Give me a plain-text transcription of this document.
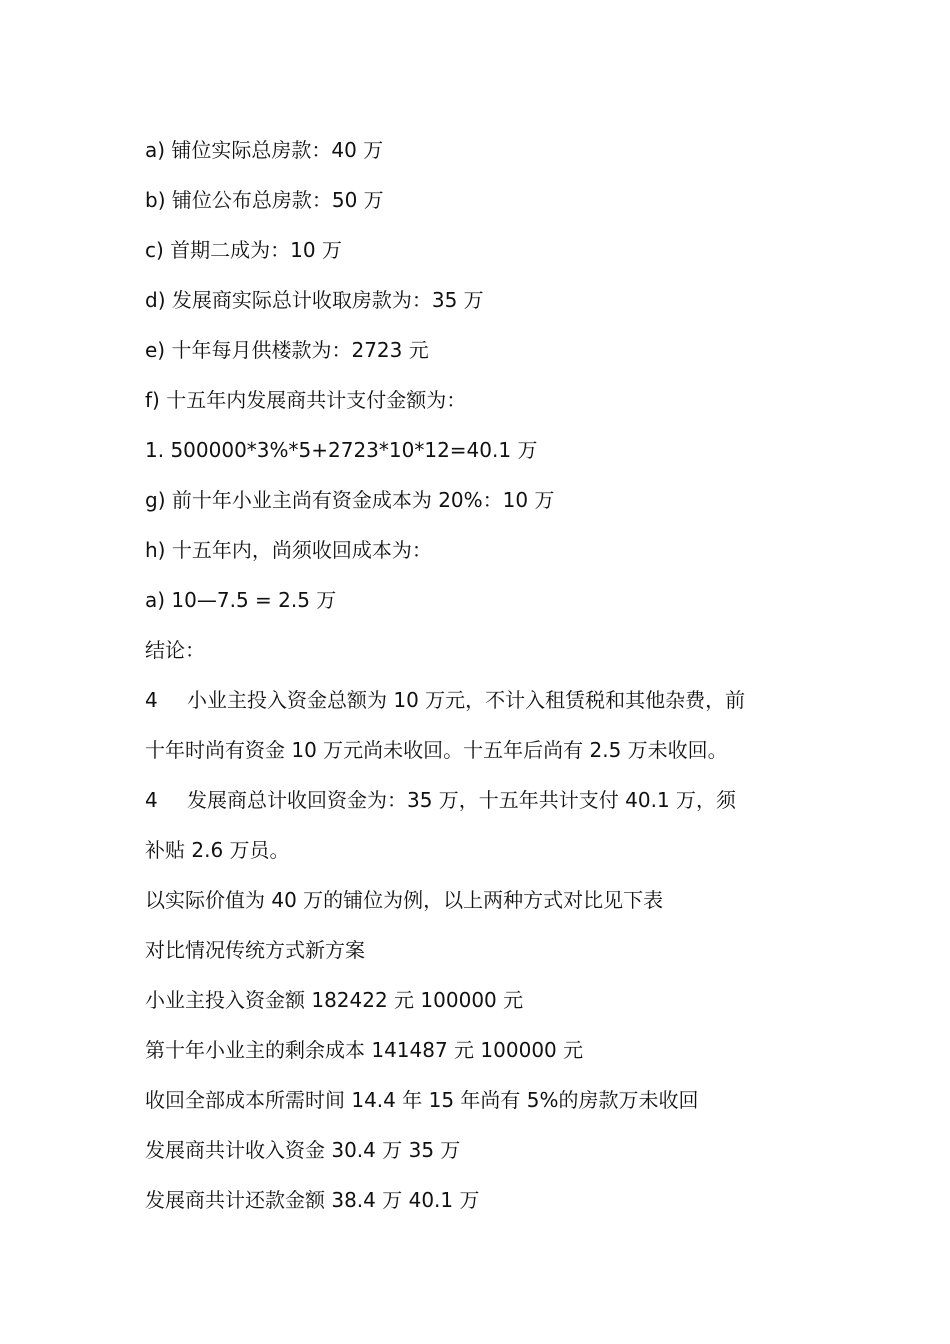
a) 铺位实际总房款：40 万
b) 铺位公布总房款：50 万
c) 首期二成为：10 万
d) 发展商实际总计收取房款为：35 万
e) 十年每月供楼款为：2723 元
f) 十五年内发展商共计支付金额为：
1. 500000*3%*5+2723*10*12=40.1 万
g) 前十年小业主尚有资金成本为 20%：10 万
h) 十五年内，尚须收回成本为：
a) 10—7.5 = 2.5 万
结论：
4 小业主投入资金总额为 10 万元，不计入租赁税和其他杂费，前
十年时尚有资金 10 万元尚未收回。十五年后尚有 2.5 万未收回。
4 发展商总计收回资金为：35 万，十五年共计支付 40.1 万，须
补贴 2.6 万员。
以实际价值为 40 万的铺位为例，以上两种方式对比见下表
对比情况传统方式新方案
小业主投入资金额 182422 元 100000 元
第十年小业主的剩余成本 141487 元 100000 元
收回全部成本所需时间 14.4 年 15 年尚有 5%的房款万未收回
发展商共计收入资金 30.4 万 35 万
发展商共计还款金额 38.4 万 40.1 万
